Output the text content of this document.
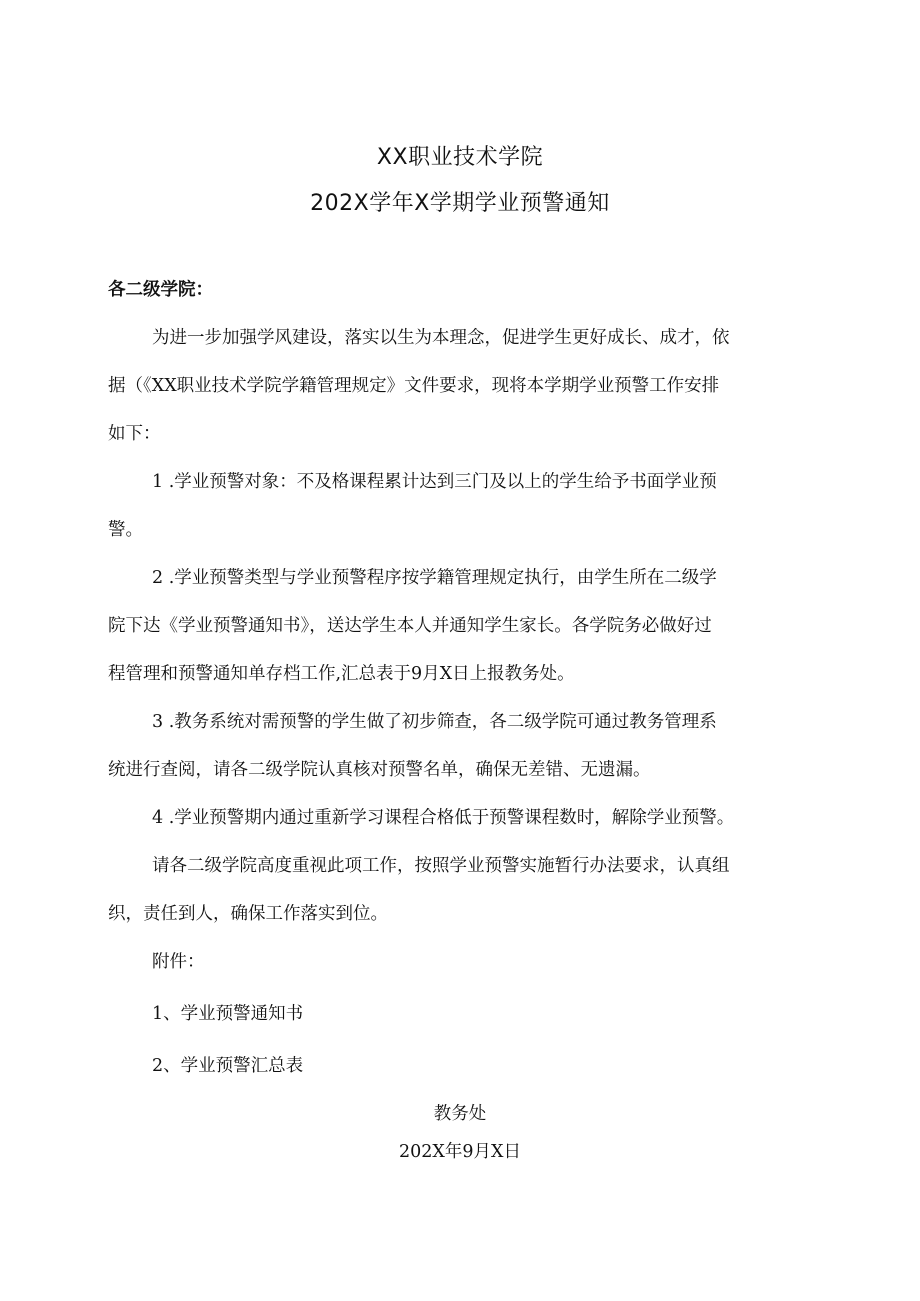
XX职业技术学院
202X学年X学期学业预警通知
各二级学院：
为进一步加强学风建设，落实以生为本理念，促进学生更好成长、成才，依
据（《XX职业技术学院学籍管理规定》文件要求，现将本学期学业预警工作安排
如下：
1 .学业预警对象：不及格课程累计达到三门及以上的学生给予书面学业预
警。
2 .学业预警类型与学业预警程序按学籍管理规定执行，由学生所在二级学
院下达《学业预警通知书》，送达学生本人并通知学生家长。各学院务必做好过
程管理和预警通知单存档工作,汇总表于9月X日上报教务处。
3 .教务系统对需预警的学生做了初步筛查，各二级学院可通过教务管理系
统进行查阅，请各二级学院认真核对预警名单，确保无差错、无遗漏。
4 .学业预警期内通过重新学习课程合格低于预警课程数时，解除学业预警。
请各二级学院高度重视此项工作，按照学业预警实施暂行办法要求，认真组
织，责任到人，确保工作落实到位。
附件：
1、学业预警通知书
2、学业预警汇总表
教务处
202X年9月X日
